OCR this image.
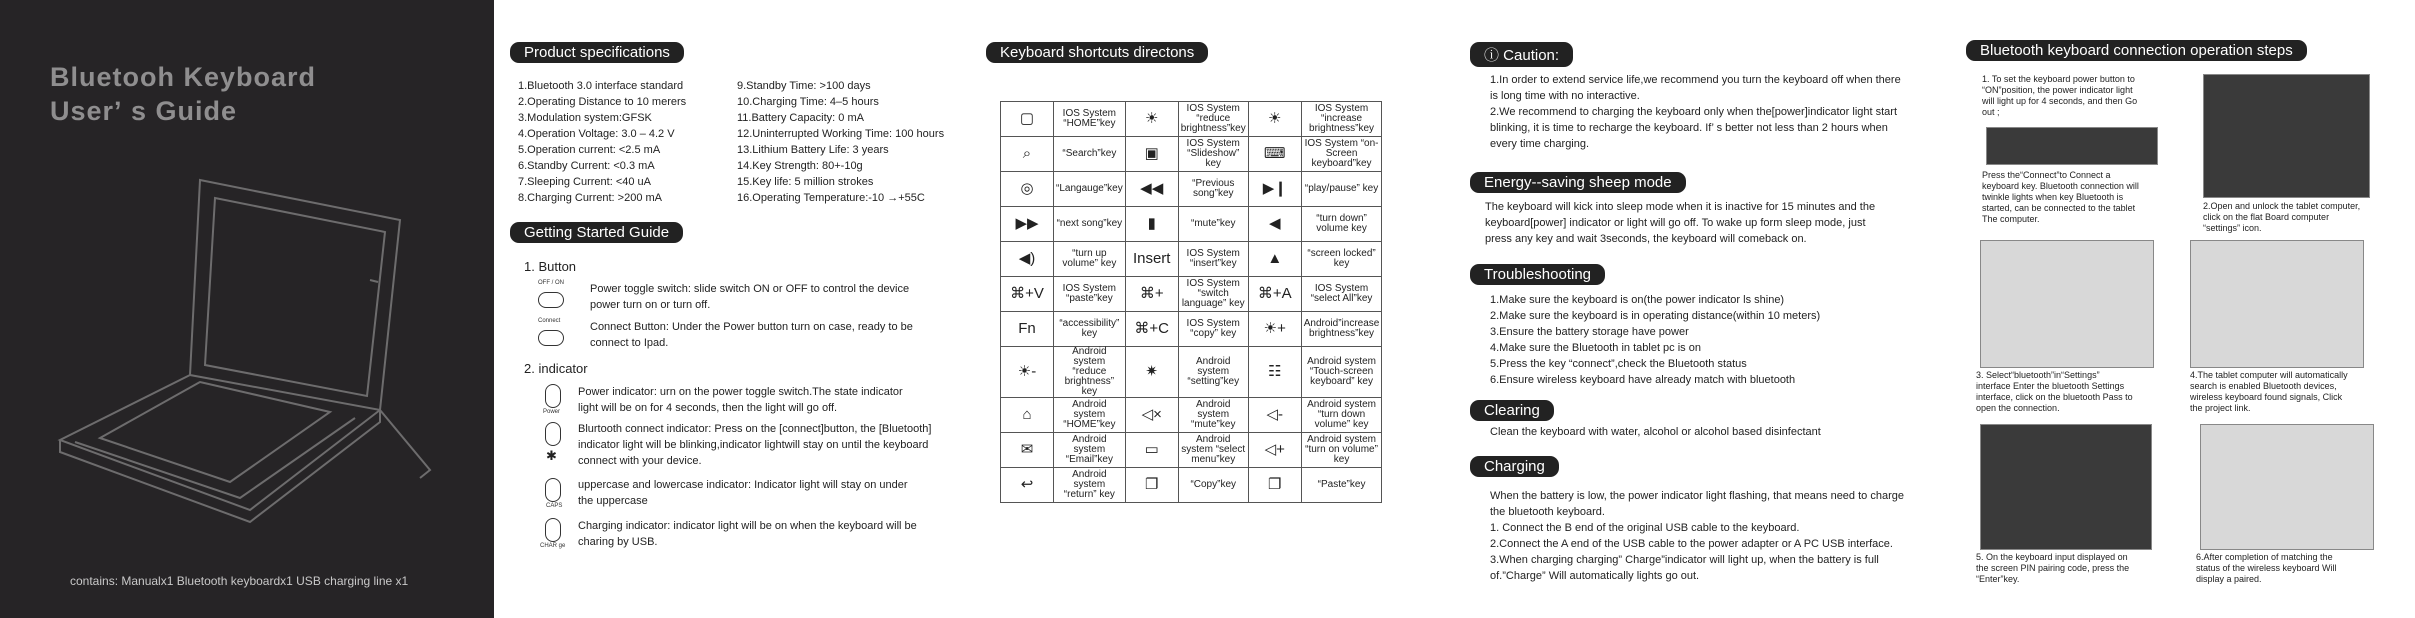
Bluetooh Keyboard
Userʼ s Guide
contains: Manualx1 Bluetooth keyboardx1 USB charging line x1
Product specifications
1.Bluetooth 3.0 interface standard
2.Operating Distance to 10 merers
3.Modulation system:GFSK
4.Operation Voltage: 3.0 – 4.2 V
5.Operation current: <2.5 mA
6.Standby Current: <0.3 mA
7.Sleeping Current: <40 uA
8.Charging Current: >200 mA
9.Standby Time: >100 days
10.Charging Time: 4–5 hours
11.Battery Capacity: 0 mA
12.Uninterrupted Working Time: 100 hours
13.Lithium Battery Life: 3 years
14.Key Strength: 80+-10g
15.Key life: 5 million strokes
16.Operating Temperature:-10 →+55C
Getting Started Guide
1. Button
OFF / ON Power toggle switch: slide switch ON or OFF to control the device
power turn on or turn off.
Connect	Connect Button: Under the Power button turn on case, ready to be
connect to Ipad.
2. indicator
Power
Power indicator: urn on the power toggle switch.The state indicator
light will be on for 4 seconds, then the light will go off.
✱
Blurtooth connect indicator: Press on the [connect]button, the [Bluetooth]
indicator light will be blinking,indicator lightwill stay on until the keyboard
connect with your device.
CAPS
uppercase and lowercase indicator: Indicator light will stay on under
the uppercase
CHAR ge
Charging indicator: indicator light will be on when the keyboard will be
charing by USB.
Keyboard shortcuts directons
▢	IOS System “HOME”key	☀	IOS System “reduce brightness”key	☀	IOS System “increase brightness”key
⌕	“Search”key	▣	IOS System “Slideshow” key	⌨	IOS System “on-Screen keyboard”key
◎	“Langauge”key	◀◀	“Previous song”key	▶❙	“play/pause” key
▶▶	“next song”key	▮	“mute”key	◀	“turn down” volume key
◀)	“turn up volume” key	Insert	IOS System “insert”key	▲	“screen locked” key
⌘+V	IOS System “paste”key	⌘+	IOS System “switch language” key	⌘+A	IOS System “select All”key
Fn	“accessibility” key	⌘+C	IOS System “copy” key	☀+	Android”increase brightness”key
☀-	Android system “reduce brightness” key	✷	Android system “setting”key	☷	Android system “Touch-screen keyboard” key
⌂	Android system “HOME”key	◁×	Android system “mute”key	◁-	Android system “turn down volume” key
✉	Android system “Email”key	▭	Android system “select menu”key	◁+	Android system “turn on volume” key
↩	Android system “return” key	❐	“Copy”key	❐	“Paste”key
ⓘ Caution:
1.In order to extend service life,we recommend you turn the keyboard off when there
is long time with no interactive.
2.We recommend to charging the keyboard only when the[power]indicator light start
blinking, it is time to recharge the keyboard. If’ s better not less than 2 hours when
every time charging.
Energy--saving sheep mode
The keyboard will kick into sleep mode when it is inactive for 15 minutes and the
keyboard[power] indicator or light will go off. To wake up form sleep mode, just
press any key and wait 3seconds, the keyboard will comeback on.
Troubleshooting
1.Make sure the keyboard is on(the power indicator ls shine)
2.Make sure the keyboard is in operating distance(within 10 meters)
3.Ensure the battery storage have power
4.Make sure the Bluetooth in tablet pc is on
5.Press the key “connect”,check the Bluetooth status
6.Ensure wireless keyboard have already match with bluetooth
Clearing
Clean the keyboard with water, alcohol or alcohol based disinfectant
Charging
When the battery is low, the power indicator light flashing, that means need to charge
the bluetooth keyboard.
1. Connect the B end of the original USB cable to the keyboard.
2.Connect the A end of the USB cable to the power adapter or A PC USB interface.
3.When charging charging” Charge”indicator will light up, when the battery is full
of.”Charge” Will automatically lights go out.
Bluetooth keyboard connection operation steps
1. To set the keyboard power button to
“ON”position, the power indicator light
will light up for 4 seconds, and then Go
out ;
Press the“Connect”to Connect a
keyboard key. Bluetooth connection will
twinkle lights when key Bluetooth is
started, can be connected to the tablet
The computer.
2.Open and unlock the tablet computer,
click on the flat Board computer
“settings” icon.
3. Select“bluetooth”in“Settings”
interface Enter the bluetooth Settings
interface, click on the bluetooth Pass to
open the connection.
4.The tablet computer will automatically
search is enabled Bluetooth devices,
wireless keyboard found signals, Click
the project link.
5. On the keyboard input displayed on
the screen PIN pairing code, press the
“Enter”key.
6.After completion of matching the
status of the wireless keyboard Will
display a paired.
